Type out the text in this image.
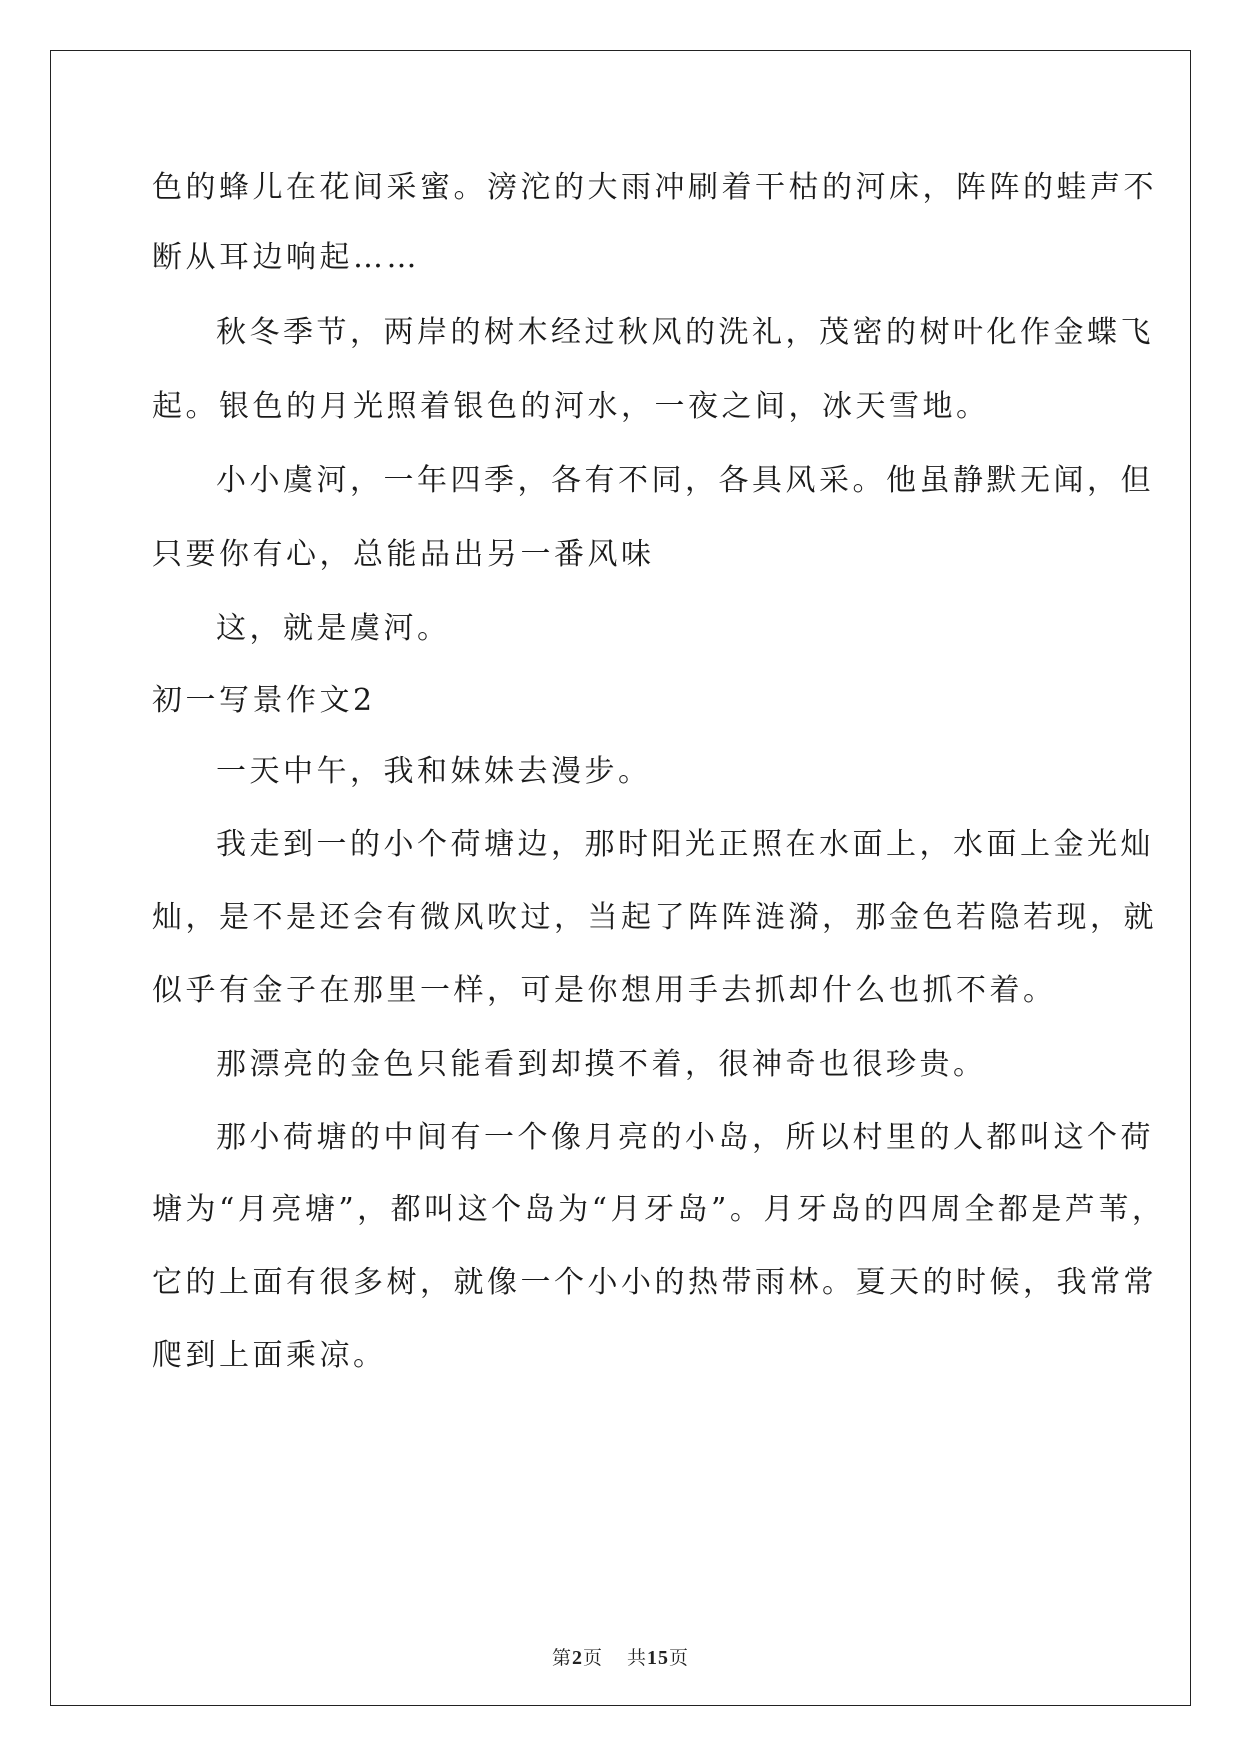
色的蜂儿在花间采蜜。滂沱的大雨冲刷着干枯的河床，阵阵的蛙声不
断从耳边响起……
秋冬季节，两岸的树木经过秋风的洗礼，茂密的树叶化作金蝶飞
起。银色的月光照着银色的河水，一夜之间，冰天雪地。
小小虞河，一年四季，各有不同，各具风采。他虽静默无闻，但
只要你有心，总能品出另一番风味
这，就是虞河。
初一写景作文2
一天中午，我和妹妹去漫步。
我走到一的小个荷塘边，那时阳光正照在水面上，水面上金光灿
灿，是不是还会有微风吹过，当起了阵阵涟漪，那金色若隐若现，就
似乎有金子在那里一样，可是你想用手去抓却什么也抓不着。
那漂亮的金色只能看到却摸不着，很神奇也很珍贵。
那小荷塘的中间有一个像月亮的小岛，所以村里的人都叫这个荷
塘为“月亮塘”，都叫这个岛为“月牙岛”。月牙岛的四周全都是芦苇，
它的上面有很多树，就像一个小小的热带雨林。夏天的时候，我常常
爬到上面乘凉。
第2页 共15页
